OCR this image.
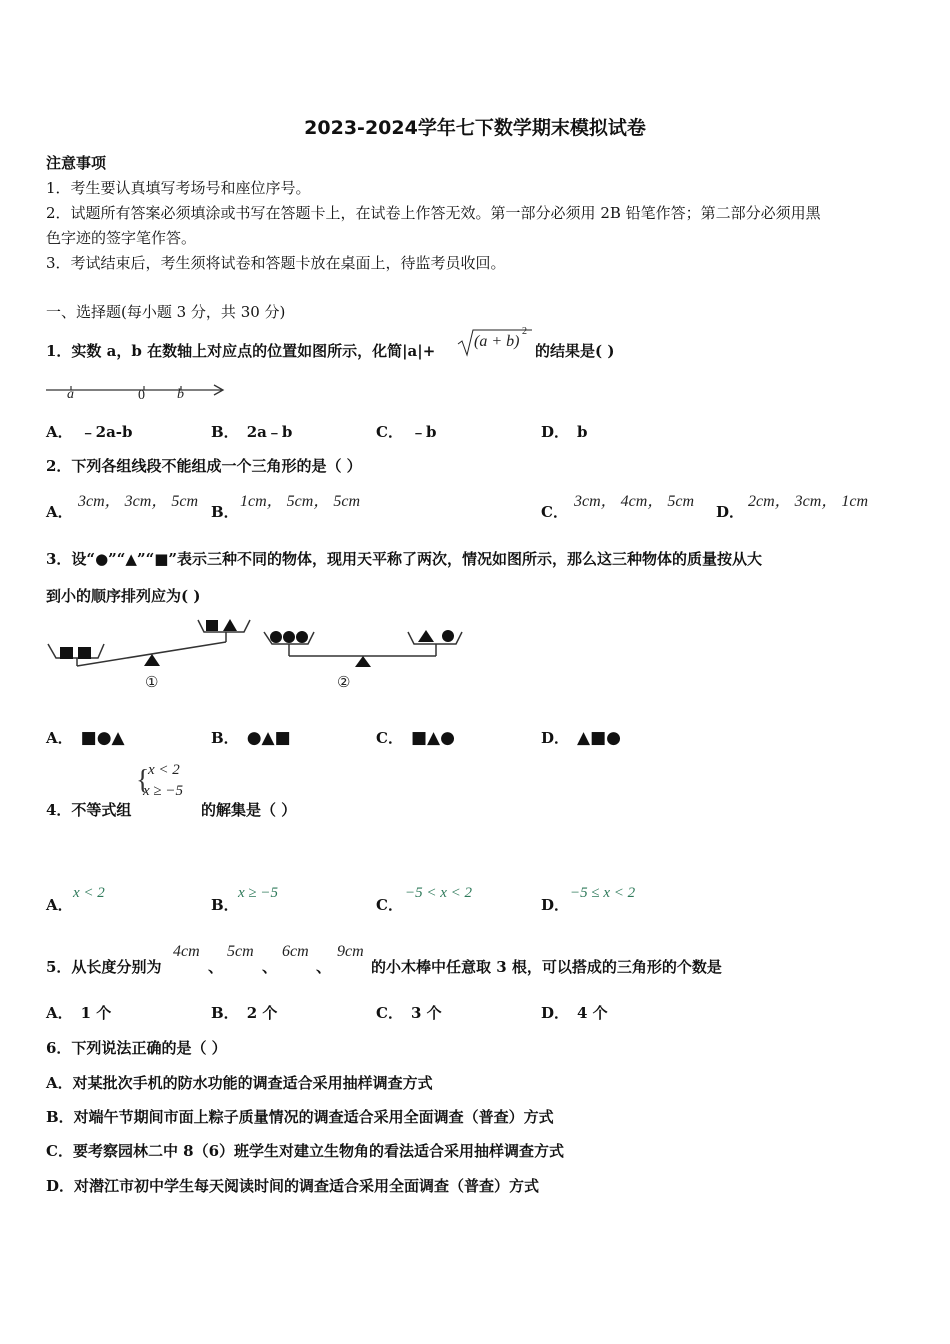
2023-2024学年七下数学期末模拟试卷
注意事项
1．考生要认真填写考场号和座位序号。
2．试题所有答案必须填涂或书写在答题卡上，在试卷上作答无效。第一部分必须用 2B 铅笔作答；第二部分必须用黑
色字迹的签字笔作答。
3．考试结束后，考生须将试卷和答题卡放在桌面上，待监考员收回。
一、选择题(每小题 3 分，共 30 分)
1．实数 a，b 在数轴上对应点的位置如图所示，化简|a|+
(a + b)
2
的结果是( )
a	0 b
A． ﹣2a-b	B． 2a﹣b	C． ﹣b	D． b
2．下列各组线段不能组成一个三角形的是（ ）
A．
3cm， 3cm， 5cm
B．
1cm， 5cm， 5cm
C．
3cm， 4cm， 5cm
D．
2cm， 3cm， 1cm
3．设“●”“▲”“■”表示三种不同的物体，现用天平称了两次，情况如图所示，那么这三种物体的质量按从大
到小的顺序排列应为( )
①	②
A． ■●▲	B． ●▲■	C． ■▲●	D． ▲■●
{
x < 2
x ≥ −5
4．不等式组	的解集是（ ）
A．
x < 2
B．
x ≥ −5
C．
−5 < x < 2
D．
−5 ≤ x < 2
5．从长度分别为
4cm
、
5cm
、
6cm
、
9cm
的小木棒中任意取 3 根，可以搭成的三角形的个数是
A． 1 个	B． 2 个	C． 3 个	D． 4 个
6．下列说法正确的是（ ）
A．对某批次手机的防水功能的调查适合采用抽样调查方式
B．对端午节期间市面上粽子质量情况的调查适合采用全面调查（普查）方式
C．要考察园林二中 8（6）班学生对建立生物角的看法适合采用抽样调查方式
D．对潜江市初中学生每天阅读时间的调查适合采用全面调查（普查）方式
